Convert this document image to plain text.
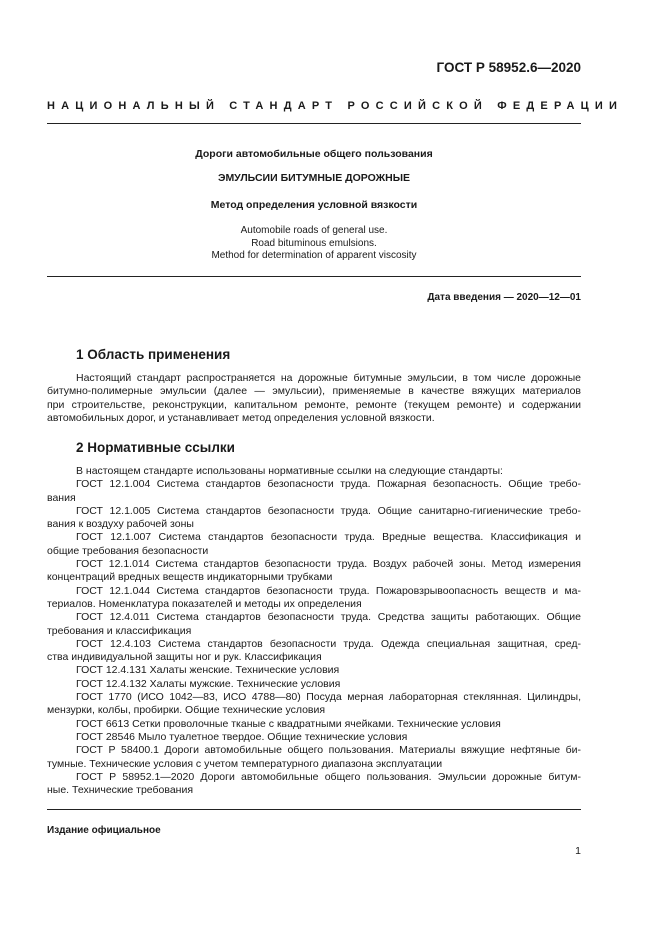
ГОСТ Р 58952.6—2020
НАЦИОНАЛЬНЫЙ СТАНДАРТ РОССИЙСКОЙ ФЕДЕРАЦИИ
Дороги автомобильные общего пользования
ЭМУЛЬСИИ БИТУМНЫЕ ДОРОЖНЫЕ
Метод определения условной вязкости
Automobile roads of general use.
Road bituminous emulsions.
Method for determination of apparent viscosity
Дата введения — 2020—12—01
1 Область применения
Настоящий стандарт распространяется на дорожные битумные эмульсии, в том числе дорожные
битумно-полимерные эмульсии (далее — эмульсии), применяемые в качестве вяжущих материалов
при строительстве, реконструкции, капитальном ремонте, ремонте (текущем ремонте) и содержании
автомобильных дорог, и устанавливает метод определения условной вязкости.
2 Нормативные ссылки
В настоящем стандарте использованы нормативные ссылки на следующие стандарты:
ГОСТ 12.1.004 Система стандартов безопасности труда. Пожарная безопасность. Общие требо-
вания
ГОСТ 12.1.005 Система стандартов безопасности труда. Общие санитарно-гигиенические требо-
вания к воздуху рабочей зоны
ГОСТ 12.1.007 Система стандартов безопасности труда. Вредные вещества. Классификация и
общие требования безопасности
ГОСТ 12.1.014 Система стандартов безопасности труда. Воздух рабочей зоны. Метод измерения
концентраций вредных веществ индикаторными трубками
ГОСТ 12.1.044 Система стандартов безопасности труда. Пожаровзрывоопасность веществ и ма-
териалов. Номенклатура показателей и методы их определения
ГОСТ 12.4.011 Система стандартов безопасности труда. Средства защиты работающих. Общие
требования и классификация
ГОСТ 12.4.103 Система стандартов безопасности труда. Одежда специальная защитная, сред-
ства индивидуальной защиты ног и рук. Классификация
ГОСТ 12.4.131 Халаты женские. Технические условия
ГОСТ 12.4.132 Халаты мужские. Технические условия
ГОСТ 1770 (ИСО 1042—83, ИСО 4788—80) Посуда мерная лабораторная стеклянная. Цилиндры,
мензурки, колбы, пробирки. Общие технические условия
ГОСТ 6613 Сетки проволочные тканые с квадратными ячейками. Технические условия
ГОСТ 28546 Мыло туалетное твердое. Общие технические условия
ГОСТ Р 58400.1 Дороги автомобильные общего пользования. Материалы вяжущие нефтяные би-
тумные. Технические условия с учетом температурного диапазона эксплуатации
ГОСТ Р 58952.1—2020 Дороги автомобильные общего пользования. Эмульсии дорожные битум-
ные. Технические требования
Издание официальное
1
